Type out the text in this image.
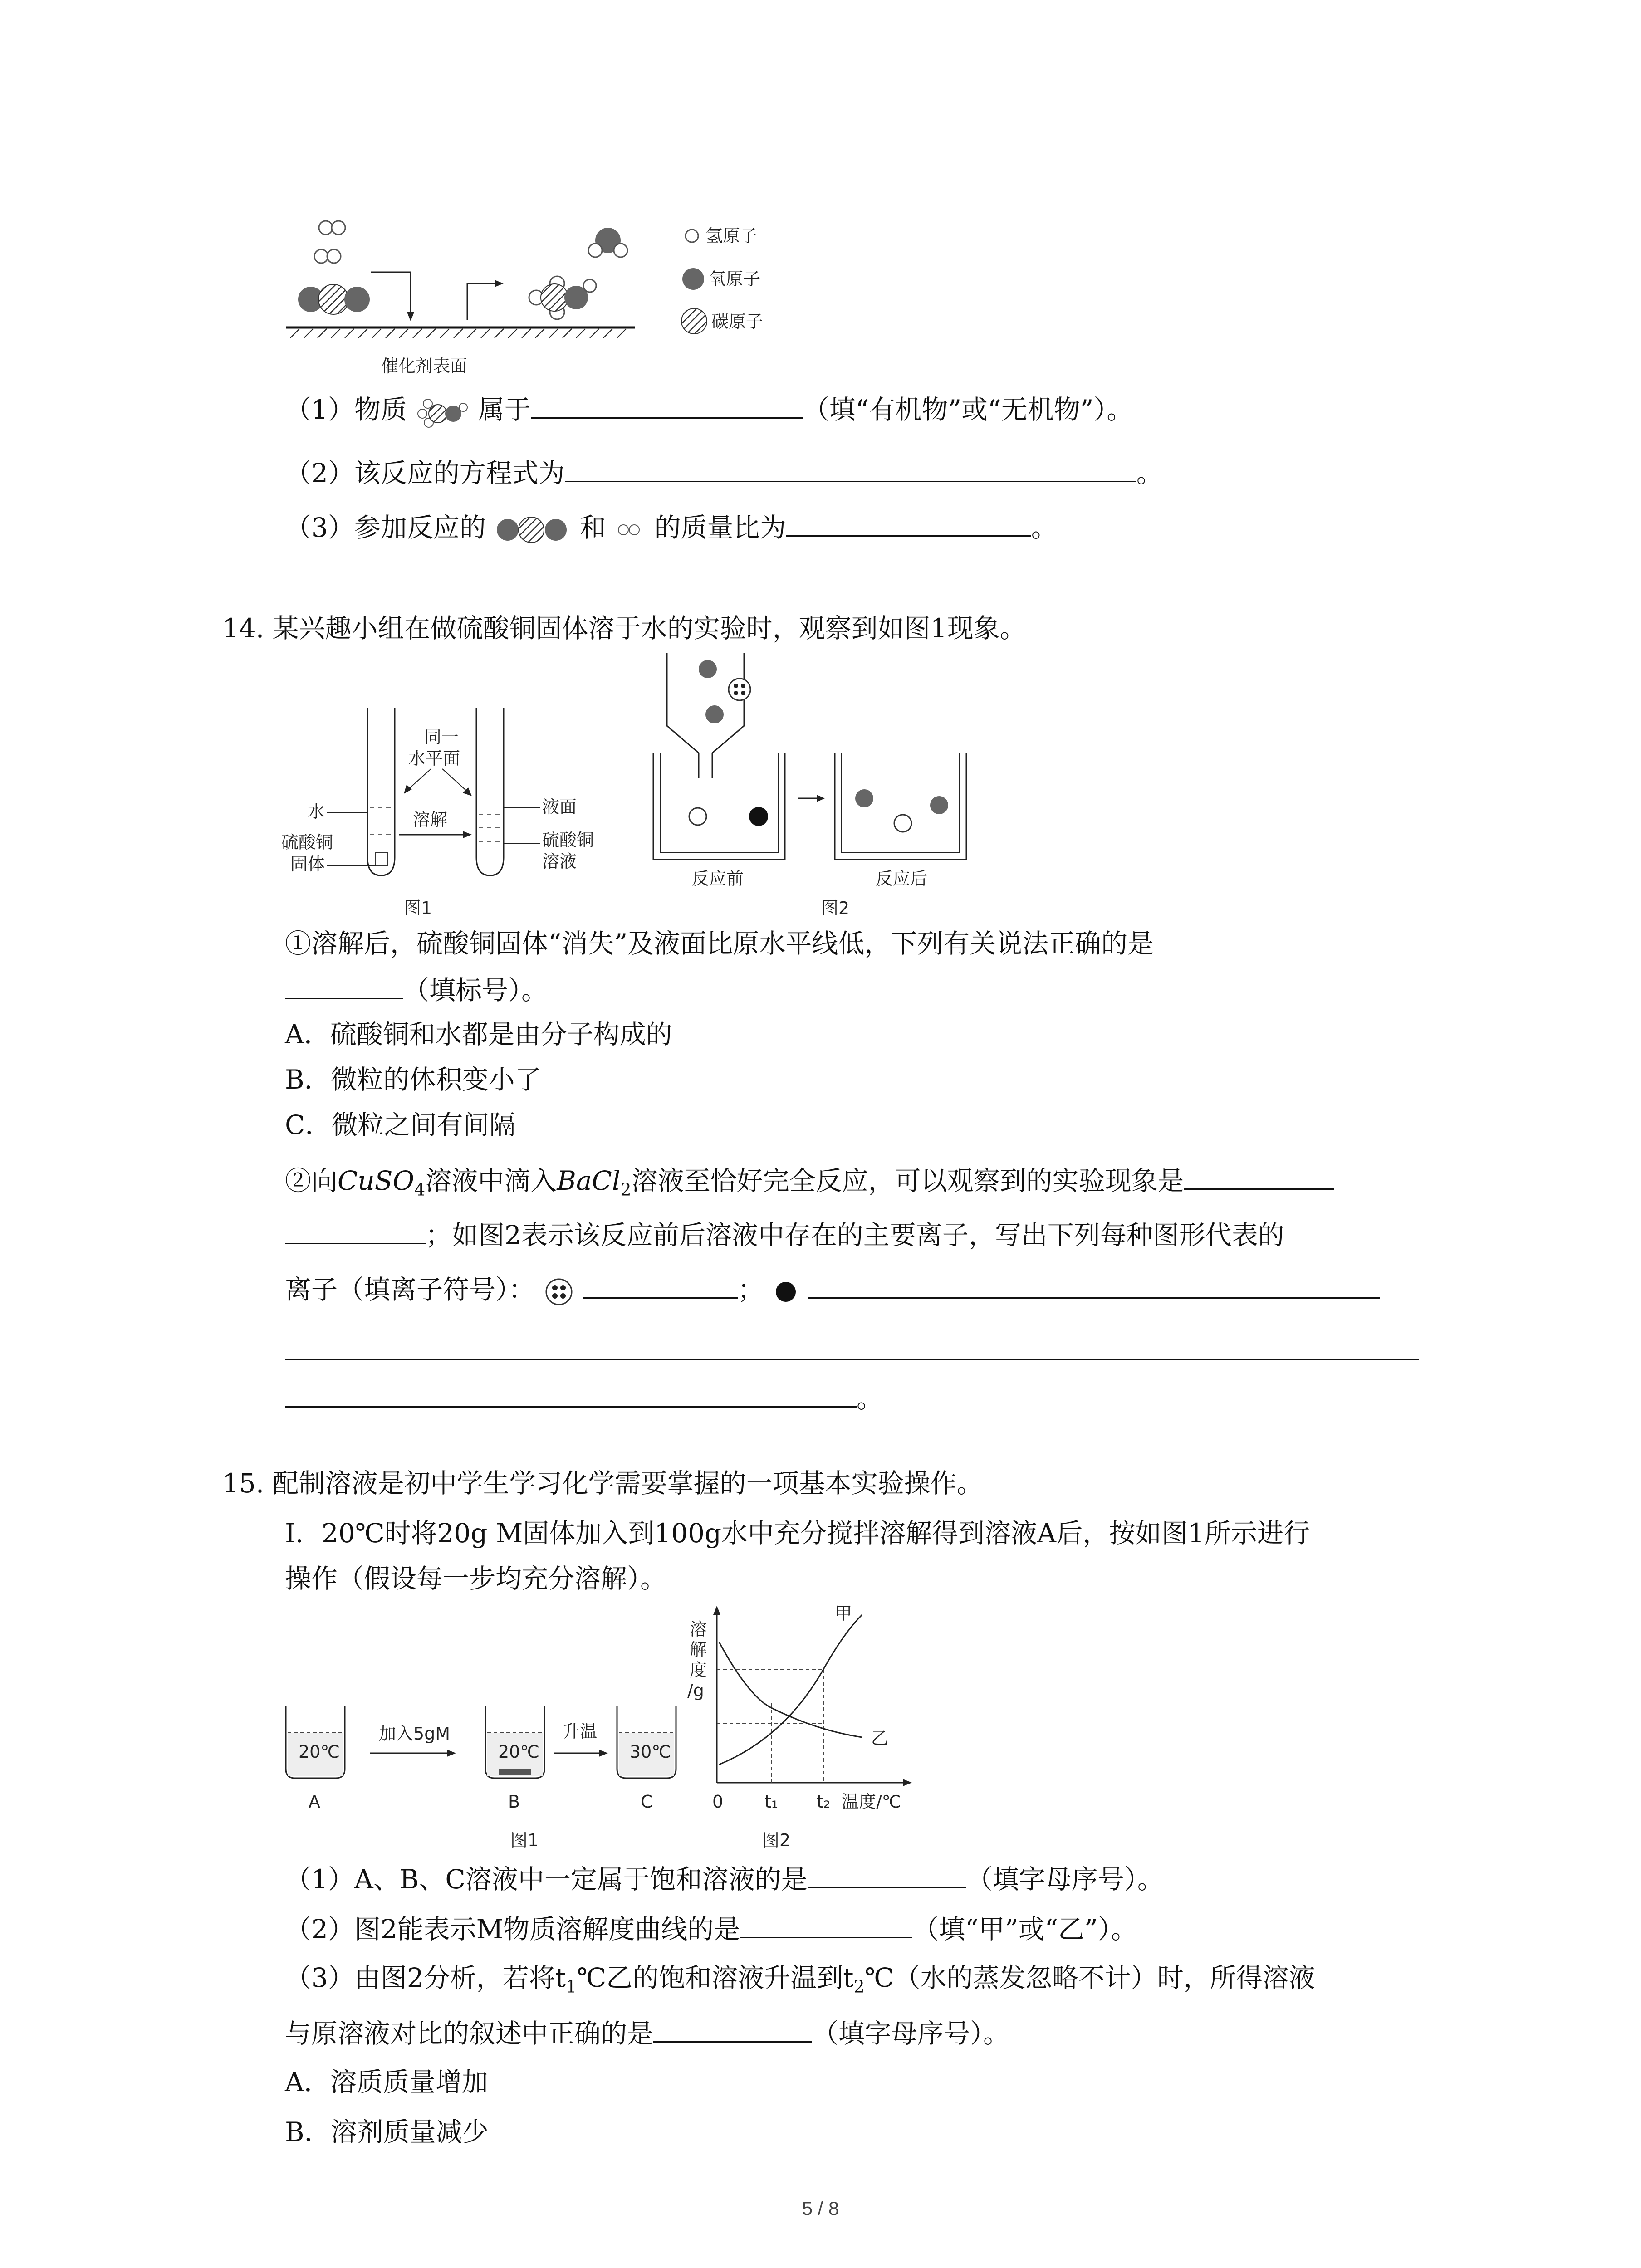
催化剂表面
氢原子
氧原子
碳原子
（1）物质	属于	（填“有机物”或“无机物”）。
（2）该反应的方程式为	。
（3）参加反应的	和 的质量比为	。
14. 某兴趣小组在做硫酸铜固体溶于水的实验时，观察到如图1现象。
水
硫酸铜
固体
溶解
同一
水平面
液面
硫酸铜
溶液
图1
反应前	反应后
图2
①溶解后，硫酸铜固体“消失”及液面比原水平线低，下列有关说法正确的是
（填标号）。
A．硫酸铜和水都是由分子构成的
B．微粒的体积变小了
C．微粒之间有间隔
②向CuSO$_4$溶液中滴入BaCl$_2$溶液至恰好完全反应，可以观察到的实验现象是
；如图2表示该反应前后溶液中存在的主要离子，写出下列每种图形代表的
离子（填离子符号）：	；
。
15. 配制溶液是初中学生学习化学需要掌握的一项基本实验操作。
Ⅰ．20℃时将20g M固体加入到100g水中充分搅拌溶解得到溶液A后，按如图1所示进行
操作（假设每一步均充分溶解）。
20℃
A
加入5gM
20℃
B
升温
30℃
C
图1
溶
解
度
/g
甲
乙
0 t₁ t₂ 温度/℃
图2
（1）A、B、C溶液中一定属于饱和溶液的是	（填字母序号）。
（2）图2能表示M物质溶解度曲线的是	（填“甲”或“乙”）。
（3）由图2分析，若将$t_1℃$乙的饱和溶液升温到$t_2℃$（水的蒸发忽略不计）时，所得溶液
与原溶液对比的叙述中正确的是	（填字母序号）。
A．溶质质量增加
B．溶剂质量减少
5 / 8
